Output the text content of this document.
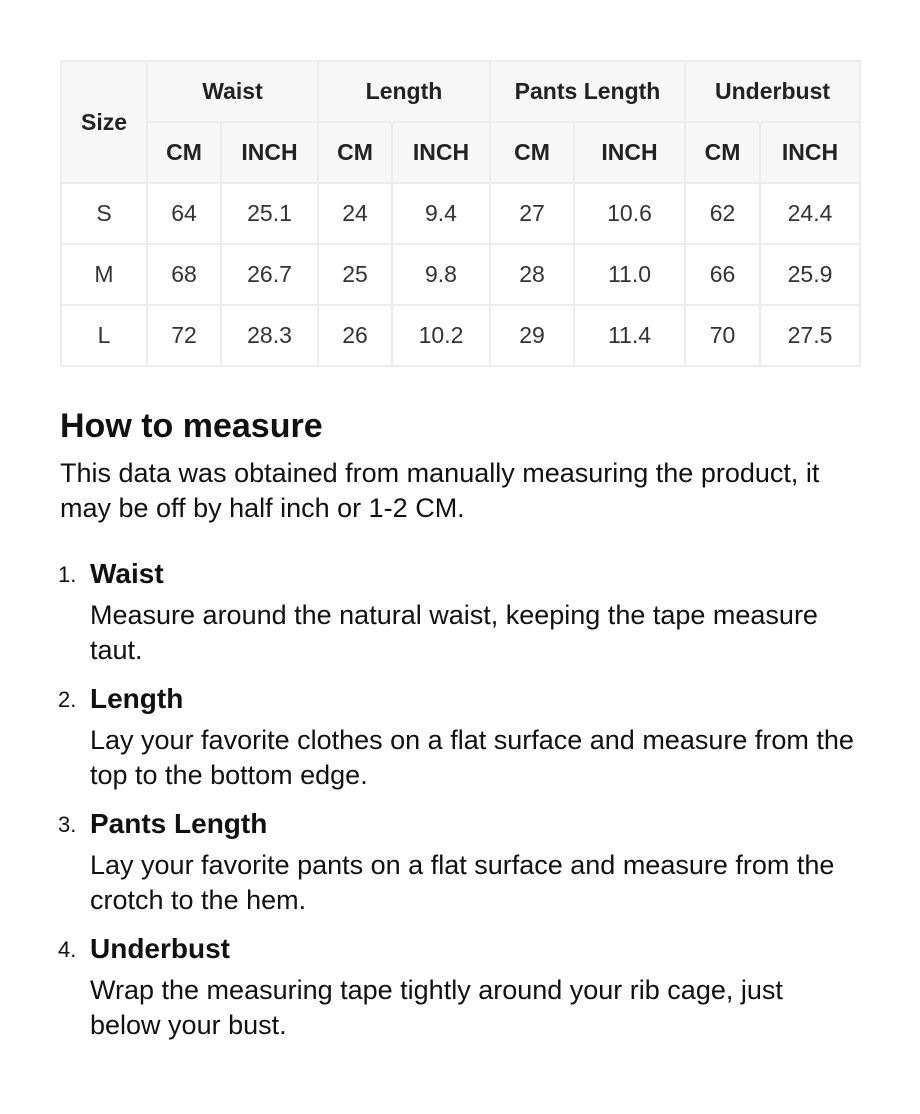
Size	Waist		Length		Pants Length		Underbust	
	CM	INCH	CM	INCH	CM	INCH	CM	INCH
S	64	25.1	24	9.4	27	10.6	62	24.4
M	68	26.7	25	9.8	28	11.0	66	25.9
L	72	28.3	26	10.2	29	11.4	70	27.5
How to measure

This data was obtained from manually measuring the product, it may be off by half inch or 1-2 CM.

1. Waist
Measure around the natural waist, keeping the tape measure taut.
2. Length
Lay your favorite clothes on a flat surface and measure from the top to the bottom edge.
3. Pants Length
Lay your favorite pants on a flat surface and measure from the crotch to the hem.
4. Underbust
Wrap the measuring tape tightly around your rib cage, just below your bust.
